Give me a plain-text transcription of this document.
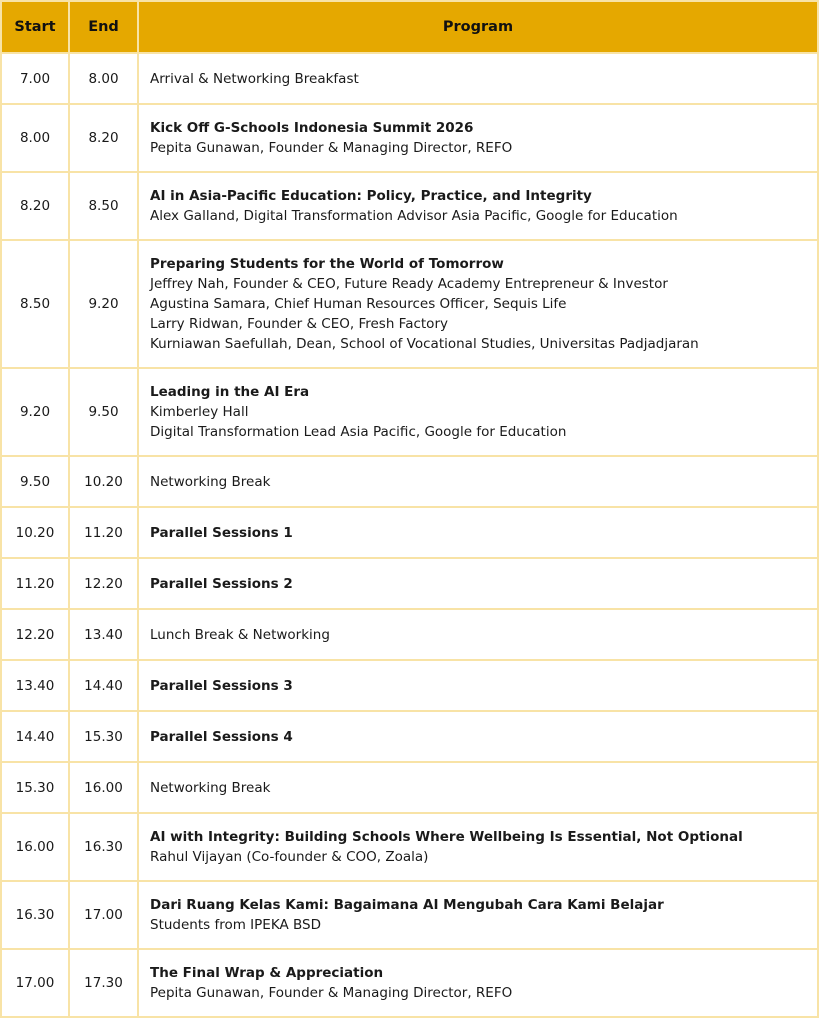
Start	End	Program
7.00	8.00	Arrival & Networking Breakfast

8.00	8.20	Kick Off G-Schools Indonesia Summit 2026
Pepita Gunawan, Founder & Managing Director, REFO

8.20	8.50	AI in Asia-Pacific Education: Policy, Practice, and Integrity
Alex Galland, Digital Transformation Advisor Asia Pacific, Google for Education

8.50	9.20	Preparing Students for the World of Tomorrow
Jeffrey Nah, Founder & CEO, Future Ready Academy Entrepreneur & Investor
Agustina Samara, Chief Human Resources Officer, Sequis Life
Larry Ridwan, Founder & CEO, Fresh Factory
Kurniawan Saefullah, Dean, School of Vocational Studies, Universitas Padjadjaran

9.20	9.50	Leading in the AI Era
Kimberley Hall
Digital Transformation Lead Asia Pacific, Google for Education

9.50	10.20	Networking Break

10.20	11.20	Parallel Sessions 1

11.20	12.20	Parallel Sessions 2

12.20	13.40	Lunch Break & Networking

13.40	14.40	Parallel Sessions 3

14.40	15.30	Parallel Sessions 4

15.30	16.00	Networking Break

16.00	16.30	AI with Integrity: Building Schools Where Wellbeing Is Essential, Not Optional
Rahul Vijayan (Co-founder & COO, Zoala)

16.30	17.00	Dari Ruang Kelas Kami: Bagaimana AI Mengubah Cara Kami Belajar
Students from IPEKA BSD

17.00	17.30	The Final Wrap & Appreciation
Pepita Gunawan, Founder & Managing Director, REFO
